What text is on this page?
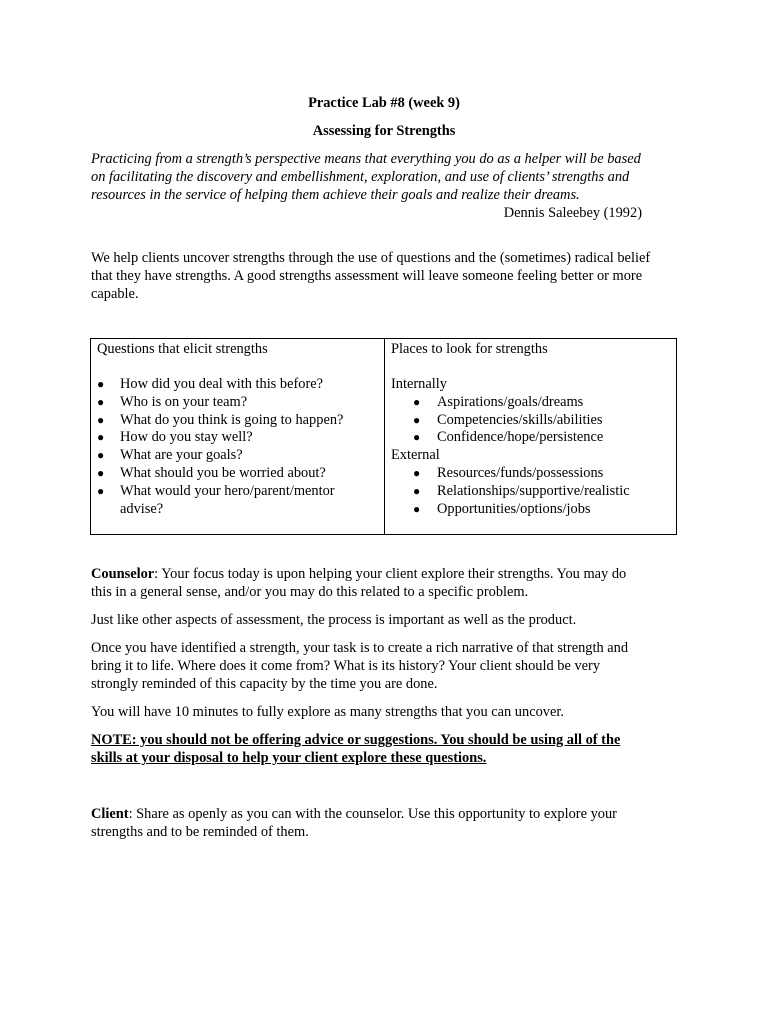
Practice Lab #8 (week 9)
Assessing for Strengths
Practicing from a strength’s perspective means that everything you do as a helper will be based
on facilitating the discovery and embellishment, exploration, and use of clients’ strengths and
resources in the service of helping them achieve their goals and realize their dreams.
Dennis Saleebey (1992)
We help clients uncover strengths through the use of questions and the (sometimes) radical belief
that they have strengths. A good strengths assessment will leave someone feeling better or more
capable.
Questions that elicit strengths
● How did you deal with this before?
● Who is on your team?
● What do you think is going to happen?
● How do you stay well?
● What are your goals?
● What should you be worried about?
● What would your hero/parent/mentor
advise?
Places to look for strengths
Internally
● Aspirations/goals/dreams
● Competencies/skills/abilities
● Confidence/hope/persistence
External
● Resources/funds/possessions
● Relationships/supportive/realistic
● Opportunities/options/jobs
Counselor: Your focus today is upon helping your client explore their strengths. You may do
this in a general sense, and/or you may do this related to a specific problem.
Just like other aspects of assessment, the process is important as well as the product.
Once you have identified a strength, your task is to create a rich narrative of that strength and
bring it to life. Where does it come from? What is its history? Your client should be very
strongly reminded of this capacity by the time you are done.
You will have 10 minutes to fully explore as many strengths that you can uncover.
NOTE: you should not be offering advice or suggestions. You should be using all of the
skills at your disposal to help your client explore these questions.
Client: Share as openly as you can with the counselor. Use this opportunity to explore your
strengths and to be reminded of them.
